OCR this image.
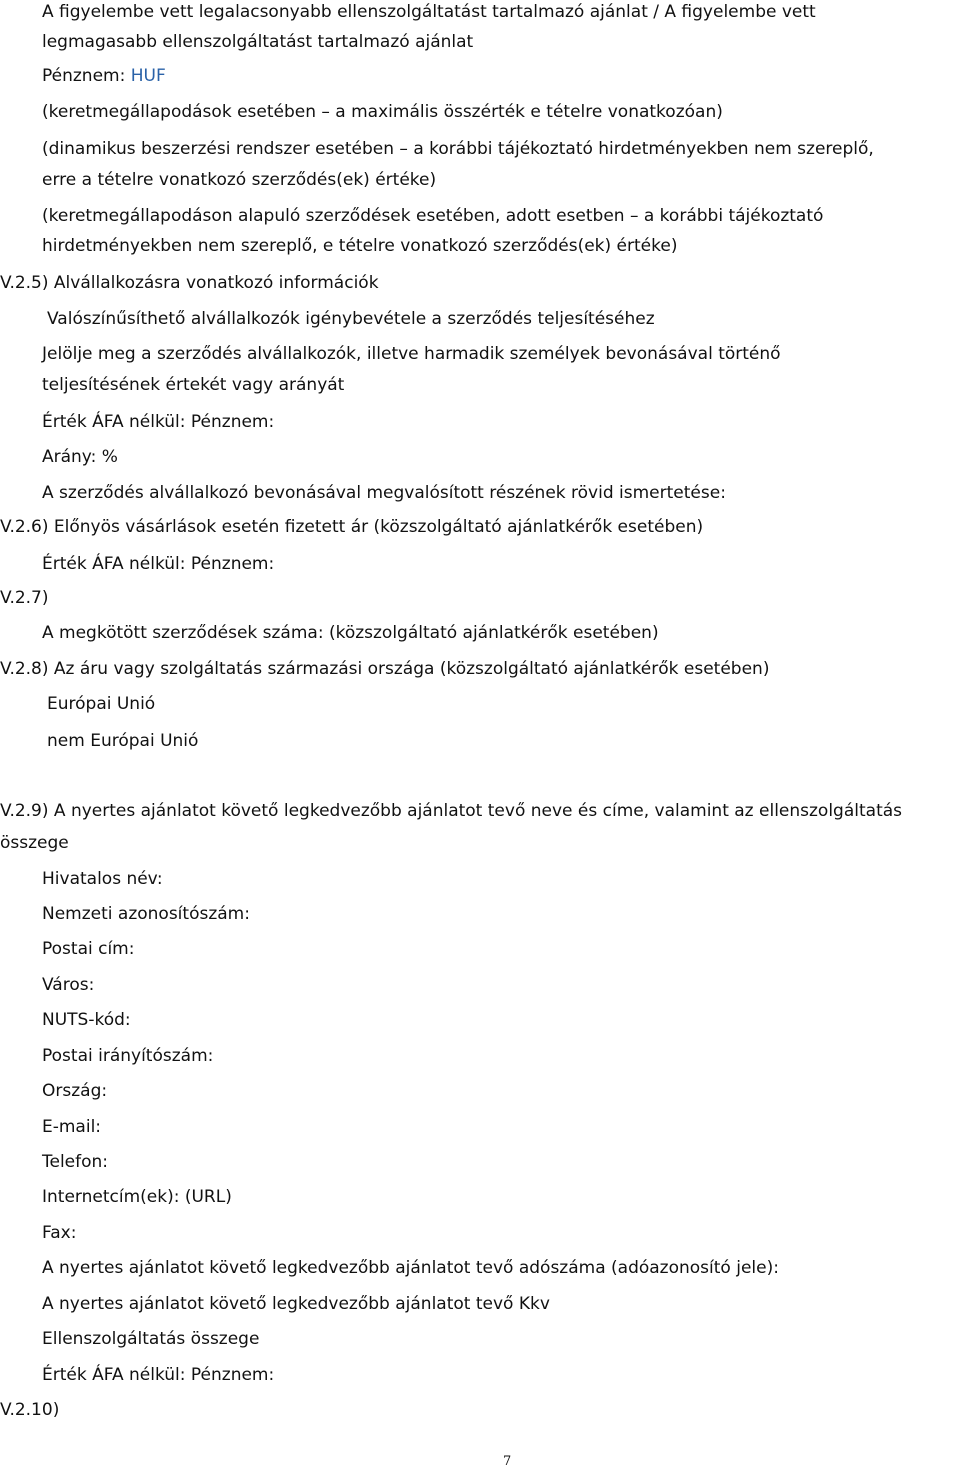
A figyelembe vett legalacsonyabb ellenszolgáltatást tartalmazó ajánlat / A figyelembe vett
legmagasabb ellenszolgáltatást tartalmazó ajánlat
Pénznem: HUF
(keretmegállapodások esetében – a maximális összérték e tételre vonatkozóan)
(dinamikus beszerzési rendszer esetében – a korábbi tájékoztató hirdetményekben nem szereplő,
erre a tételre vonatkozó szerződés(ek) értéke)
(keretmegállapodáson alapuló szerződések esetében, adott esetben – a korábbi tájékoztató
hirdetményekben nem szereplő, e tételre vonatkozó szerződés(ek) értéke)
V.2.5) Alvállalkozásra vonatkozó információk
Valószínűsíthető alvállalkozók igénybevétele a szerződés teljesítéséhez
Jelölje meg a szerződés alvállalkozók, illetve harmadik személyek bevonásával történő
teljesítésének értekét vagy arányát
Érték ÁFA nélkül: Pénznem:
Arány: %
A szerződés alvállalkozó bevonásával megvalósított részének rövid ismertetése:
V.2.6) Előnyös vásárlások esetén fizetett ár (közszolgáltató ajánlatkérők esetében)
Érték ÁFA nélkül: Pénznem:
V.2.7)
A megkötött szerződések száma: (közszolgáltató ajánlatkérők esetében)
V.2.8) Az áru vagy szolgáltatás származási országa (közszolgáltató ajánlatkérők esetében)
Európai Unió
nem Európai Unió
V.2.9) A nyertes ajánlatot követő legkedvezőbb ajánlatot tevő neve és címe, valamint az ellenszolgáltatás
összege
Hivatalos név:
Nemzeti azonosítószám:
Postai cím:
Város:
NUTS-kód:
Postai irányítószám:
Ország:
E-mail:
Telefon:
Internetcím(ek): (URL)
Fax:
A nyertes ajánlatot követő legkedvezőbb ajánlatot tevő adószáma (adóazonosító jele):
A nyertes ajánlatot követő legkedvezőbb ajánlatot tevő Kkv
Ellenszolgáltatás összege
Érték ÁFA nélkül: Pénznem:
V.2.10)
7
